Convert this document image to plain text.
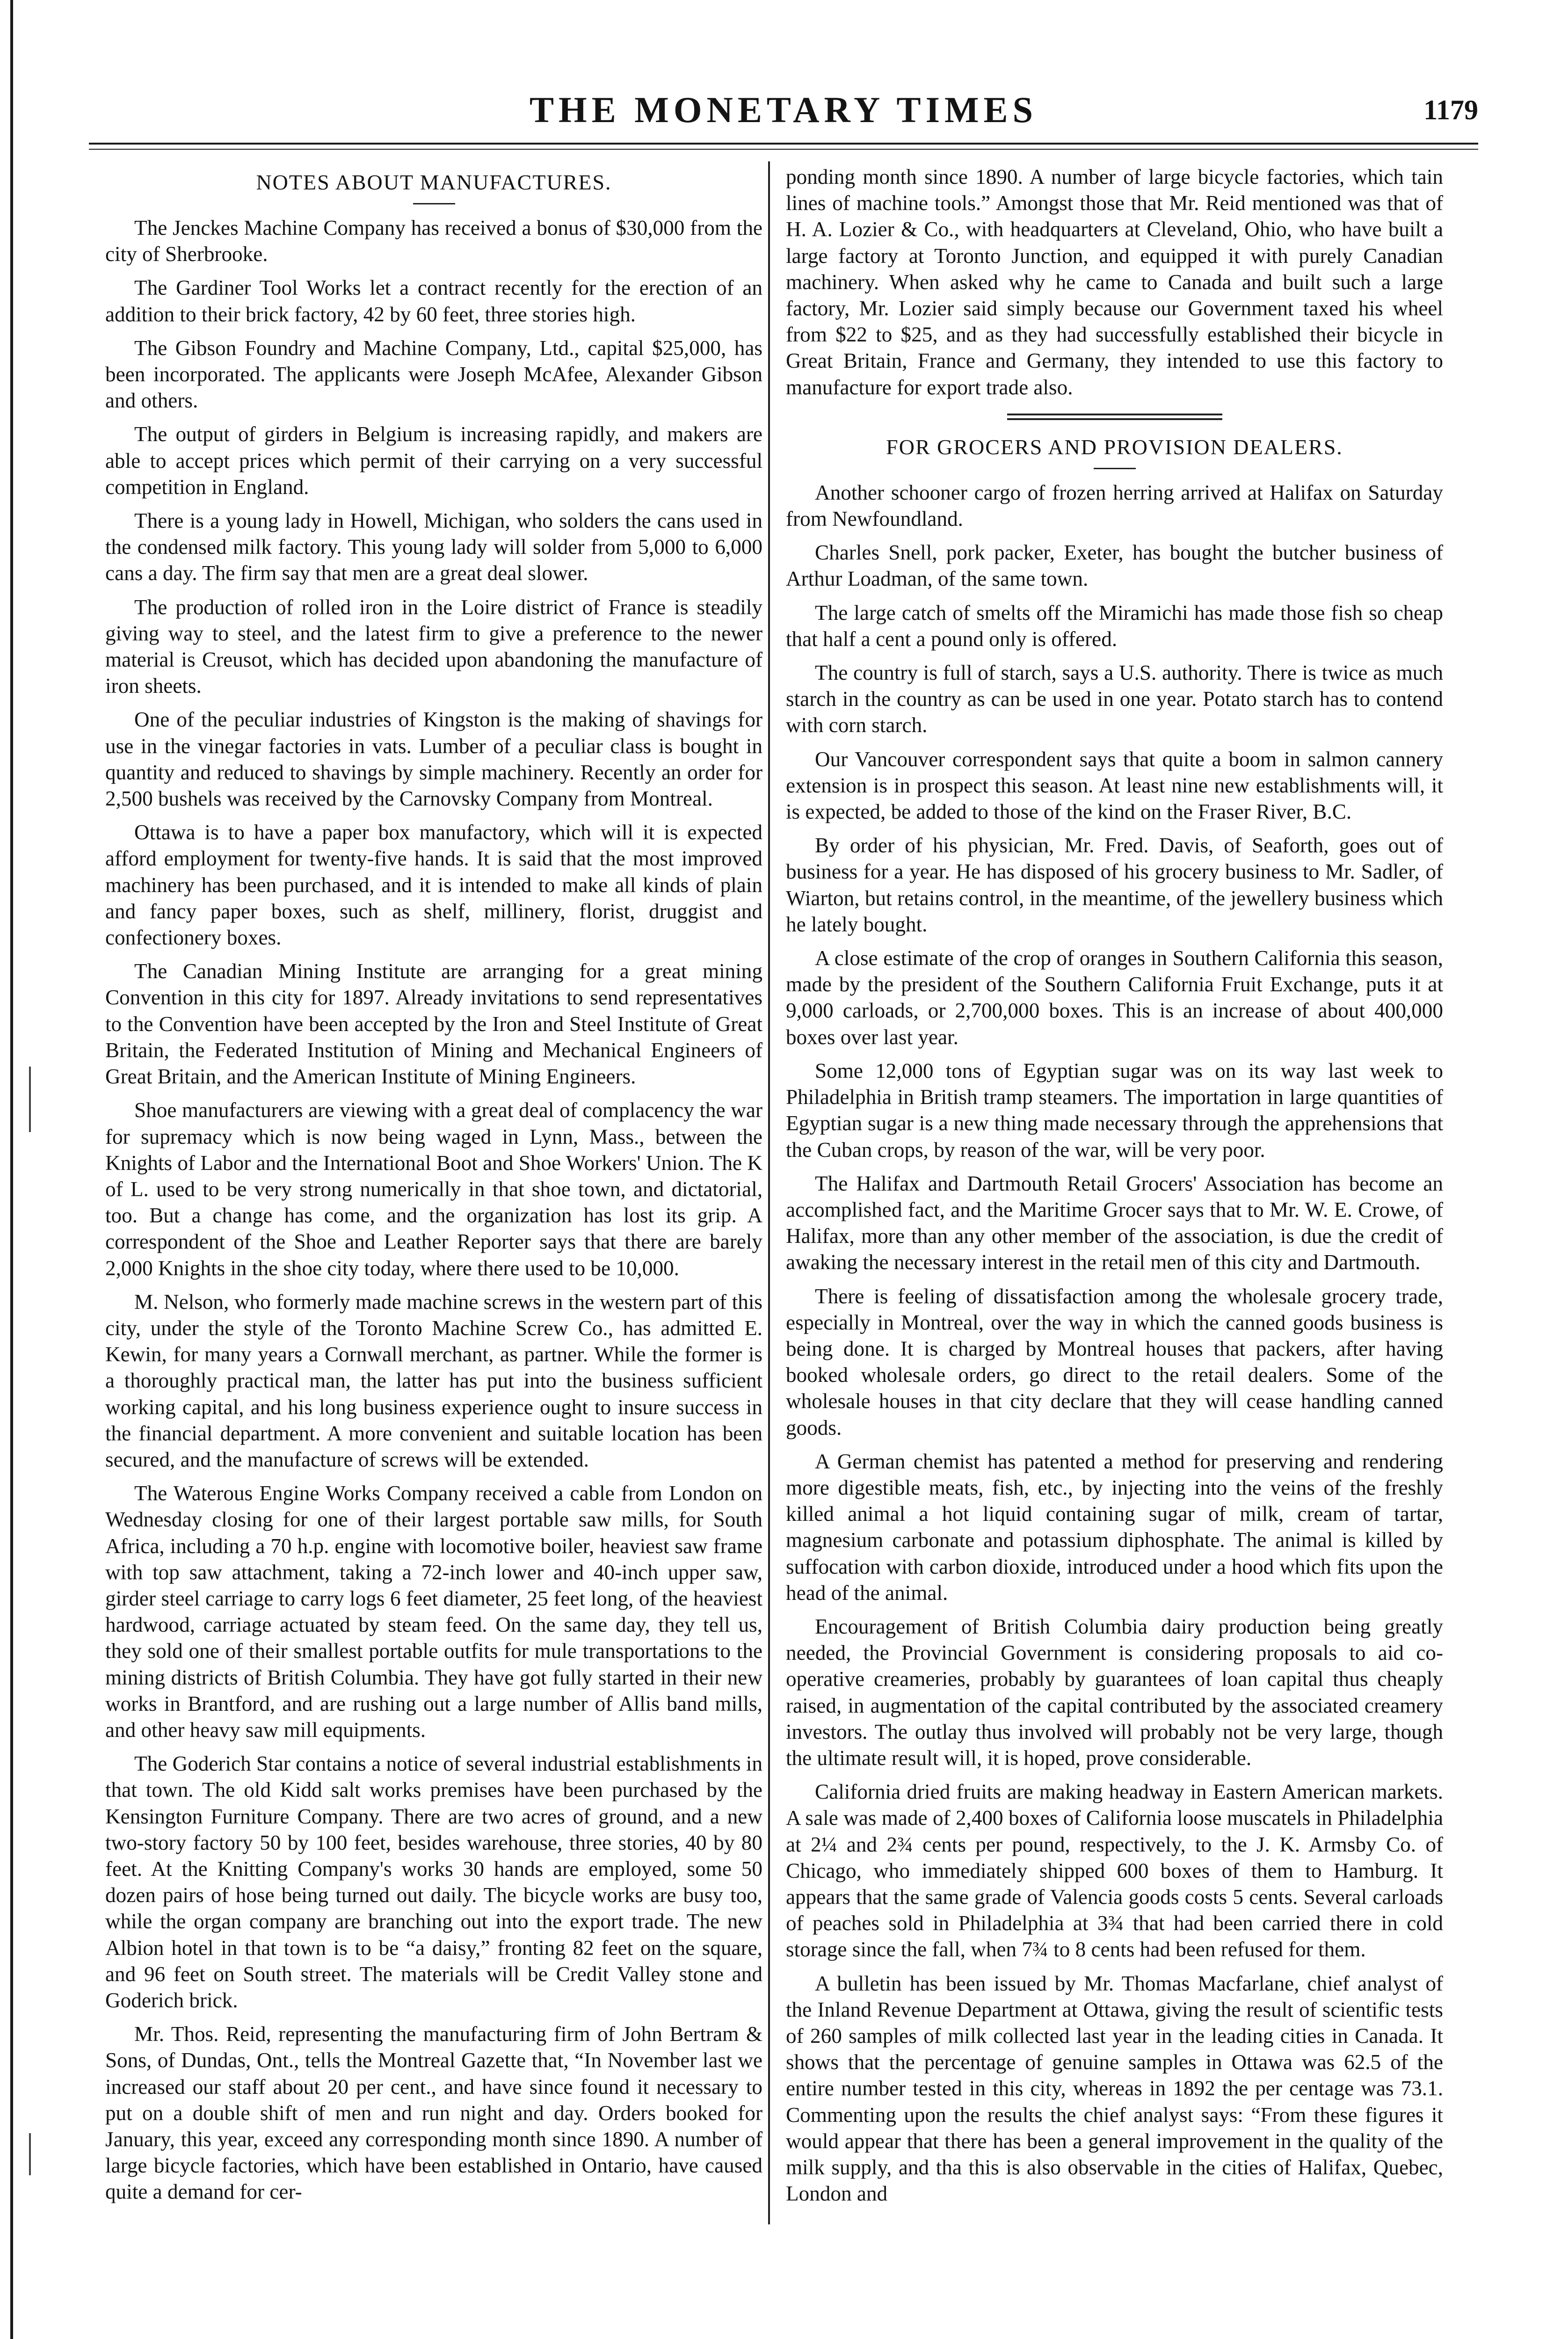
THE MONETARY TIMES	1179
NOTES ABOUT MANUFACTURES.

The Jenckes Machine Company has received a bonus of $30,000 from the city of Sherbrooke.

The Gardiner Tool Works let a contract recently for the erection of an addition to their brick factory, 42 by 60 feet, three stories high.

The Gibson Foundry and Machine Company, Ltd., capital $25,000, has been incorporated. The applicants were Joseph McAfee, Alexander Gibson and others.

The output of girders in Belgium is increasing rapidly, and makers are able to accept prices which permit of their carrying on a very successful competition in England.

There is a young lady in Howell, Michigan, who solders the cans used in the condensed milk factory. This young lady will solder from 5,000 to 6,000 cans a day. The firm say that men are a great deal slower.

The production of rolled iron in the Loire district of France is steadily giving way to steel, and the latest firm to give a preference to the newer material is Creusot, which has decided upon abandoning the manufacture of iron sheets.

One of the peculiar industries of Kingston is the making of shavings for use in the vinegar factories in vats. Lumber of a peculiar class is bought in quantity and reduced to shavings by simple machinery. Recently an order for 2,500 bushels was received by the Carnovsky Company from Montreal.

Ottawa is to have a paper box manufactory, which will it is expected afford employment for twenty-five hands. It is said that the most improved machinery has been purchased, and it is intended to make all kinds of plain and fancy paper boxes, such as shelf, millinery, florist, druggist and confectionery boxes.

The Canadian Mining Institute are arranging for a great mining Convention in this city for 1897. Already invitations to send representatives to the Convention have been accepted by the Iron and Steel Institute of Great Britain, the Federated Institution of Mining and Mechanical Engineers of Great Britain, and the American Institute of Mining Engineers.

Shoe manufacturers are viewing with a great deal of complacency the war for supremacy which is now being waged in Lynn, Mass., between the Knights of Labor and the International Boot and Shoe Workers' Union. The K of L. used to be very strong numerically in that shoe town, and dictatorial, too. But a change has come, and the organization has lost its grip. A correspondent of the Shoe and Leather Reporter says that there are barely 2,000 Knights in the shoe city today, where there used to be 10,000.

M. Nelson, who formerly made machine screws in the western part of this city, under the style of the Toronto Machine Screw Co., has admitted E. Kewin, for many years a Cornwall merchant, as partner. While the former is a thoroughly practical man, the latter has put into the business sufficient working capital, and his long business experience ought to insure success in the financial department. A more convenient and suitable location has been secured, and the manufacture of screws will be extended.

The Waterous Engine Works Company received a cable from London on Wednesday closing for one of their largest portable saw mills, for South Africa, including a 70 h.p. engine with locomotive boiler, heaviest saw frame with top saw attachment, taking a 72-inch lower and 40-inch upper saw, girder steel carriage to carry logs 6 feet diameter, 25 feet long, of the heaviest hardwood, carriage actuated by steam feed. On the same day, they tell us, they sold one of their smallest portable outfits for mule transportations to the mining districts of British Columbia. They have got fully started in their new works in Brantford, and are rushing out a large number of Allis band mills, and other heavy saw mill equipments.

The Goderich Star contains a notice of several industrial establishments in that town. The old Kidd salt works premises have been purchased by the Kensington Furniture Company. There are two acres of ground, and a new two-story factory 50 by 100 feet, besides warehouse, three stories, 40 by 80 feet. At the Knitting Company's works 30 hands are employed, some 50 dozen pairs of hose being turned out daily. The bicycle works are busy too, while the organ company are branching out into the export trade. The new Albion hotel in that town is to be “a daisy,” fronting 82 feet on the square, and 96 feet on South street. The materials will be Credit Valley stone and Goderich brick.

Mr. Thos. Reid, representing the manufacturing firm of John Bertram & Sons, of Dundas, Ont., tells the Montreal Gazette that, “In November last we increased our staff about 20 per cent., and have since found it necessary to put on a double shift of men and run night and day. Orders booked for January, this year, exceed any corresponding month since 1890. A number of large bicycle factories, which have been established in Ontario, have caused quite a demand for cer-

ponding month since 1890. A number of large bicycle factories, which tain lines of machine tools.” Amongst those that Mr. Reid mentioned was that of H. A. Lozier & Co., with headquarters at Cleveland, Ohio, who have built a large factory at Toronto Junction, and equipped it with purely Canadian machinery. When asked why he came to Canada and built such a large factory, Mr. Lozier said simply because our Government taxed his wheel from $22 to $25, and as they had successfully established their bicycle in Great Britain, France and Germany, they intended to use this factory to manufacture for export trade also.

FOR GROCERS AND PROVISION DEALERS.

Another schooner cargo of frozen herring arrived at Halifax on Saturday from Newfoundland.

Charles Snell, pork packer, Exeter, has bought the butcher business of Arthur Loadman, of the same town.

The large catch of smelts off the Miramichi has made those fish so cheap that half a cent a pound only is offered.

The country is full of starch, says a U.S. authority. There is twice as much starch in the country as can be used in one year. Potato starch has to contend with corn starch.

Our Vancouver correspondent says that quite a boom in salmon cannery extension is in prospect this season. At least nine new establishments will, it is expected, be added to those of the kind on the Fraser River, B.C.

By order of his physician, Mr. Fred. Davis, of Seaforth, goes out of business for a year. He has disposed of his grocery business to Mr. Sadler, of Wiarton, but retains control, in the meantime, of the jewellery business which he lately bought.

A close estimate of the crop of oranges in Southern California this season, made by the president of the Southern California Fruit Exchange, puts it at 9,000 carloads, or 2,700,000 boxes. This is an increase of about 400,000 boxes over last year.

Some 12,000 tons of Egyptian sugar was on its way last week to Philadelphia in British tramp steamers. The importation in large quantities of Egyptian sugar is a new thing made necessary through the apprehensions that the Cuban crops, by reason of the war, will be very poor.

The Halifax and Dartmouth Retail Grocers' Association has become an accomplished fact, and the Maritime Grocer says that to Mr. W. E. Crowe, of Halifax, more than any other member of the association, is due the credit of awaking the necessary interest in the retail men of this city and Dartmouth.

There is feeling of dissatisfaction among the wholesale grocery trade, especially in Montreal, over the way in which the canned goods business is being done. It is charged by Montreal houses that packers, after having booked wholesale orders, go direct to the retail dealers. Some of the wholesale houses in that city declare that they will cease handling canned goods.

A German chemist has patented a method for preserving and rendering more digestible meats, fish, etc., by injecting into the veins of the freshly killed animal a hot liquid containing sugar of milk, cream of tartar, magnesium carbonate and potassium diphosphate. The animal is killed by suffocation with carbon dioxide, introduced under a hood which fits upon the head of the animal.

Encouragement of British Columbia dairy production being greatly needed, the Provincial Government is considering proposals to aid co-operative creameries, probably by guarantees of loan capital thus cheaply raised, in augmentation of the capital contributed by the associated creamery investors. The outlay thus involved will probably not be very large, though the ultimate result will, it is hoped, prove considerable.

California dried fruits are making headway in Eastern American markets. A sale was made of 2,400 boxes of California loose muscatels in Philadelphia at 2¼ and 2¾ cents per pound, respectively, to the J. K. Armsby Co. of Chicago, who immediately shipped 600 boxes of them to Hamburg. It appears that the same grade of Valencia goods costs 5 cents. Several carloads of peaches sold in Philadelphia at 3¾ that had been carried there in cold storage since the fall, when 7¾ to 8 cents had been refused for them.

A bulletin has been issued by Mr. Thomas Macfarlane, chief analyst of the Inland Revenue Department at Ottawa, giving the result of scientific tests of 260 samples of milk collected last year in the leading cities in Canada. It shows that the percentage of genuine samples in Ottawa was 62.5 of the entire number tested in this city, whereas in 1892 the per centage was 73.1. Commenting upon the results the chief analyst says: “From these figures it would appear that there has been a general improvement in the quality of the milk supply, and tha this is also observable in the cities of Halifax, Quebec, London and
